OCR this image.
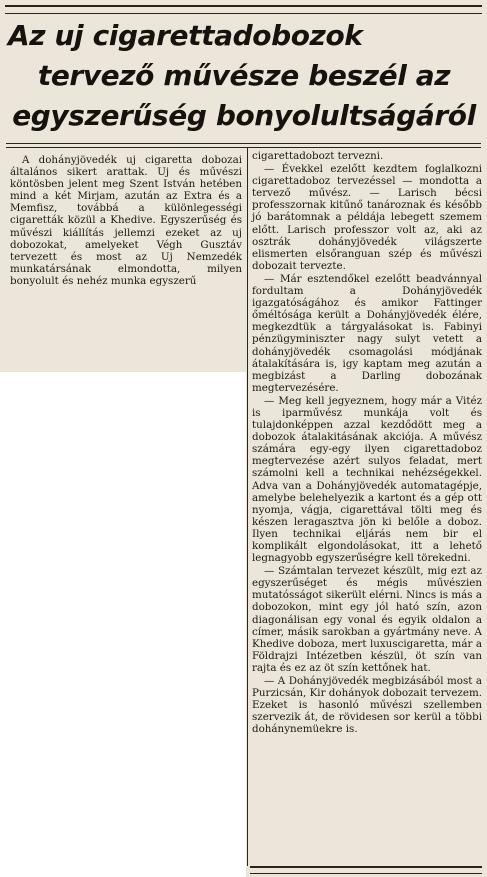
Az uj cigarettadobozok
tervező művésze beszél az
egyszerűség bonyolultságáról

A dohányjövedék uj cigaretta dobozai általános sikert arattak. Uj és művészi köntösben jelent meg Szent István hetében mind a két Mirjam, azután az Extra és a Memfisz, továbbá a különlegességi cigaretták közül a Khedive. Egyszerűség és művészi kiállítás jellemzi ezeket az uj dobozokat, amelyeket Végh Gusztáv tervezett és most az Uj Nemzedék munkatársának elmondotta, milyen bonyolult és nehéz munka egyszerű

cigarettadobozt tervezni.

— Évekkel ezelőtt kezdtem foglalkozni cigarettadoboz tervezéssel — mondotta a tervező művész. — Larisch bécsi professzornak kitűnő tanároznak és később jó barátomnak a példája lebegett szemem előtt. Larisch professzor volt az, aki az osztrák dohányjövedék világszerte elismerten elsőranguan szép és művészi dobozait tervezte.

— Már esztendőkel ezelőtt beadvánnyal fordultam a Dohányjövedék igazgatóságához és amikor Fattinger őméltósága került a Dohányjövedék élére, megkezdtük a tárgyalásokat is. Fabinyi pénzügyminiszter nagy sulyt vetett a dohányjövedék csomagolási módjának átalakítására is, igy kaptam meg azután a megbizást a Darling dobozának megtervezésére.

— Meg kell jegyeznem, hogy már a Vitéz is iparművész munkája volt és tulajdonképpen azzal kezdődött meg a dobozok átalakitásának akciója. A művész számára egy-egy ilyen cigarettadoboz megtervezése azért sulyos feladat, mert számolni kell a technikai nehézségekkel. Adva van a Dohányjövedék automatagépje, amelybe belehelyezik a kartont és a gép ott nyomja, vágja, cigarettával tölti meg és készen leragasztva jön ki belőle a doboz. Ilyen technikai eljárás nem bir el komplikált elgondolásokat, itt a lehető legnagyobb egyszerűségre kell törekedni.

— Számtalan tervezet készült, mig ezt az egyszerűséget és mégis művészien mutatósságot sikerült elérni. Nincs is más a dobozokon, mint egy jól ható szín, azon diagonálisan egy vonal és egyik oldalon a címer, másik sarokban a gyártmány neve. A Khedive doboza, mert luxuscigaretta, már a Földrajzi Intézetben készül, öt szín van rajta és ez az öt szín kettőnek hat.

— A Dohányjövedék megbizásából most a Purzicsán, Kir dohányok dobozait tervezem. Ezeket is hasonló művészi szellemben szervezik át, de rövidesen sor kerül a többi dohánynemüekre is.
